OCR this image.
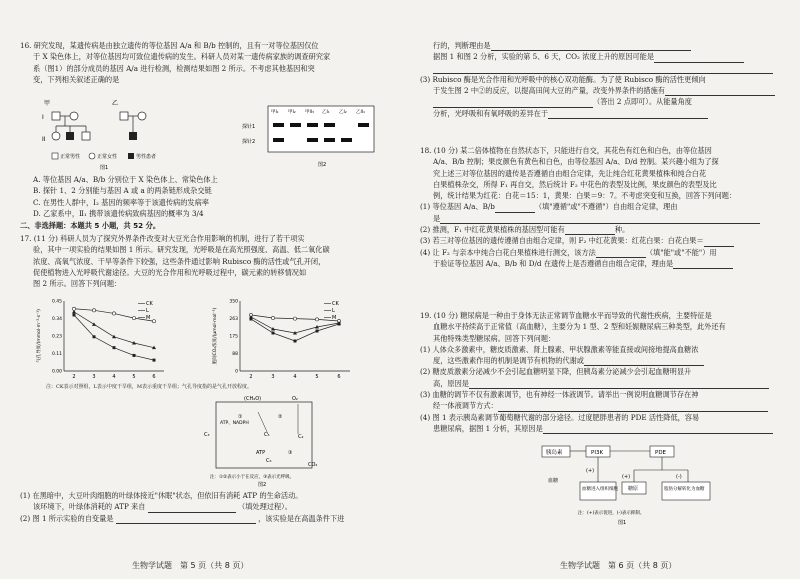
16. 研究发现，某遗传病是由独立遗传的等位基因 A/a 和 B/b 控制的，且有一对等位基因仅位

于 X 染色体上，对等位基因均可致位遗传病的发生。科研人员对某一遗传病家族的调查研究家

系（图1）的部分成员的基因 A/a 进行检测，检测结果如图 2 所示。不考虑其他基因和突

变，下列相关叙述正确的是

甲	乙
I
II
正常男性	正常女性	男性患者
图1
甲I₁ 甲I₂ 甲II₃ 乙I₁ 乙I₂ 乙II₁
探针1
探针2
图2

A. 等位基因 A/a、B/b 分别位于 X 染色体上、常染色体上

B. 探针 1、2 分别能与基因 A 或 a 的两条链形成杂交链

C. 在男性人群中，I₂ 基因的频率等于该遗传病的发病率

D. 乙家系中，Ⅱ₁ 携带该遗传病致病基因的概率为 3/4

二、非选择题：本题共 5 小题，共 52 分。

17. (11 分) 科研人员为了探究外界条件改变对大豆光合作用影响的机制，进行了若干项实

验，其中一项实验的结果如图 1 所示。研究发现，光呼吸是在高光照强度、高温、低二氧化碳

浓度、高氧气浓度、干旱等条件下较强，这些条件通过影响 Rubisco 酶的活性或气孔开闭，

促使植物进入光呼吸代谢途径。大豆的光合作用和光呼吸过程中，碳元素的转移情况如

图 2 所示。回答下列问题：

气孔导度/(mmol·m⁻²·s⁻¹)
2	3	4	5	6
0.00
0.11
0.23
0.34
0.45	CK
L
M	胞间CO₂浓度/(µmol·mol⁻¹)
2	3	4	5	6
0
88
175
263
350	CK
L
M

注：CK表示对照组，L表示中度干旱组，M表示重度干旱组；气孔导度指的是气孔开放程度。

(CH₂O)	O₂
C₃	C₃	C₂
①
ATP、NADPH
②
ATP	③
C₅
CO₂
注：①②表示小于在反应，③表示光呼吸。
图2

(1) 在黑暗中，大豆叶肉细胞的叶绿体接近"休眠"状态，但依旧有消耗 ATP 的生命活动。

该环境下，叶绿体消耗的 ATP 来自	（填处理过程）。

(2) 图 1 所示实验的自变量是	，该实验是在高温条件下进

生物学试题　第 5 页（共 8 页）

行的，判断理由是

据图 1 和图 2 分析，实验的第 5、6 天，CO₂ 浓度上升的原因可能是

(3) Rubisco 酶是光合作用和光呼吸中的核心双功能酶。为了使 Rubisco 酶的活性更倾向

于发生图 2 中②的反应，以提高田间大豆的产量，改变外界条件的措施有

（答出 2 点即可）。从能量角度

分析，光呼吸和有氧呼吸的差异在于

18. (10 分) 某二倍体植物在自然状态下，只能进行自交，其花色有红色和白色，由等位基因

A/a、B/b 控制；果皮颜色有黄色和白色，由等位基因 A/a、D/d 控制。某兴趣小组为了探

究上述三对等位基因的遗传是否遵循自由组合定律，先让纯合红花黄果植株和纯合白花

白果植株杂交，所得 F₁ 再自交，然后统计 F₂ 中花色的表型及比例，果皮颜色的表型及比

例，统计结果为红花：白花＝15：1，黄果：白果＝9：7。不考虑突变和互换，回答下列问题：

(1) 等位基因 A/a、B/b	（填"遵循"或"不遵循"）自由组合定律，理由

是

(2) 推测，F₁ 中红花黄果植株的基因型可能有	种。

(3) 若三对等位基因的遗传遵循自由组合定律，则 F₂ 中红花黄果：红花白果：白花白果＝

(4) 让 F₂ 与亲本中纯合白花白果植株进行测交，该方法	（填"能"或"不能"）用

于验证等位基因 A/a、B/b 和 D/d 在遗传上是否遵循自由组合定律，理由是

19. (10 分) 糖尿病是一种由于身体无法正常调节血糖水平而导致的代谢性疾病，主要特征是

血糖水平持续高于正常值（高血糖），主要分为 1 型、2 型和妊娠糖尿病三种类型，此外还有

其他特殊类型糖尿病。回答下列问题：

(1) 人体众多激素中，糖皮质激素、肾上腺素、甲状腺激素等能直接或间接地提高血糖浓

度，这些激素作用的机制是调节有机物的代谢或

(2) 糖皮质激素分泌减少不会引起血糖明显下降，但胰岛素分泌减少会引起血糖明显升

高，原因是

(3) 血糖的调节不仅有激素调节，也有神经一体液调节。请举出一例说明血糖调节存在神

经一体液调节方式：

(4) 图 1 表示胰岛素调节葡萄糖代谢的部分途径。过度肥胖患者的 PDE 活性降低，容易

患糖尿病，据图 1 分析，其原因是

胰岛素	PI3K	PDE
(+)
(+)	(-)
血糖进入组织细胞 糖原	脂肪分解转化为血糖
血糖
注：(+)表示促进，(-)表示抑制。
图1

生物学试题　第 6 页（共 8 页）
